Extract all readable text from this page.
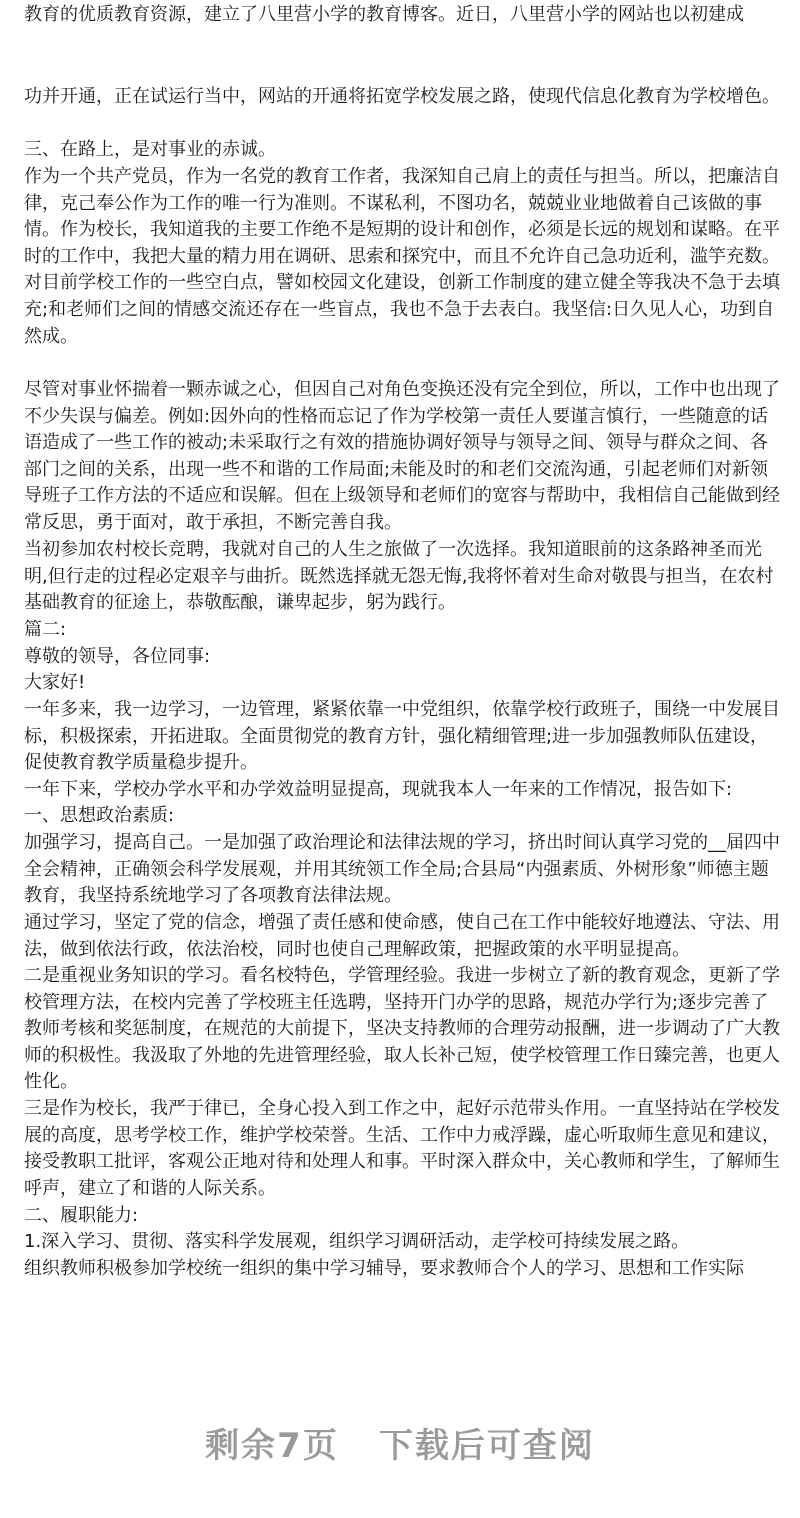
教育的优质教育资源，建立了八里营小学的教育博客。近日，八里营小学的网站也以初建成

功并开通，正在试运行当中，网站的开通将拓宽学校发展之路，使现代信息化教育为学校增色。

三、在路上，是对事业的赤诚。

作为一个共产党员，作为一名党的教育工作者，我深知自己肩上的责任与担当。所以，把廉洁自律，克己奉公作为工作的唯一行为准则。不谋私利，不图功名，兢兢业业地做着自己该做的事情。作为校长，我知道我的主要工作绝不是短期的设计和创作，必须是长远的规划和谋略。在平时的工作中，我把大量的精力用在调研、思索和探究中，而且不允许自己急功近利，滥竽充数。对目前学校工作的一些空白点，譬如校园文化建设，创新工作制度的建立健全等我决不急于去填充;和老师们之间的情感交流还存在一些盲点，我也不急于去表白。我坚信:日久见人心，功到自然成。

尽管对事业怀揣着一颗赤诚之心，但因自己对角色变换还没有完全到位，所以，工作中也出现了不少失误与偏差。例如:因外向的性格而忘记了作为学校第一责任人要谨言慎行，一些随意的话语造成了一些工作的被动;未采取行之有效的措施协调好领导与领导之间、领导与群众之间、各部门之间的关系，出现一些不和谐的工作局面;未能及时的和老们交流沟通，引起老师们对新领导班子工作方法的不适应和误解。但在上级领导和老师们的宽容与帮助中，我相信自己能做到经常反思，勇于面对，敢于承担，不断完善自我。

当初参加农村校长竞聘，我就对自己的人生之旅做了一次选择。我知道眼前的这条路神圣而光明,但行走的过程必定艰辛与曲折。既然选择就无怨无悔,我将怀着对生命对敬畏与担当，在农村基础教育的征途上，恭敬酝酿，谦卑起步，躬为践行。

篇二:

尊敬的领导，各位同事:

大家好!

一年多来，我一边学习，一边管理，紧紧依靠一中党组织，依靠学校行政班子，围绕一中发展目标，积极探索，开拓进取。全面贯彻党的教育方针，强化精细管理;进一步加强教师队伍建设，促使教育教学质量稳步提升。

一年下来，学校办学水平和办学效益明显提高，现就我本人一年来的工作情况，报告如下:

一、思想政治素质:

加强学习，提高自己。一是加强了政治理论和法律法规的学习，挤出时间认真学习党的__届四中全会精神，正确领会科学发展观，并用其统领工作全局;合县局“内强素质、外树形象”师德主题教育，我坚持系统地学习了各项教育法律法规。

通过学习，坚定了党的信念，增强了责任感和使命感，使自己在工作中能较好地遵法、守法、用法，做到依法行政，依法治校，同时也使自己理解政策，把握政策的水平明显提高。

二是重视业务知识的学习。看名校特色，学管理经验。我进一步树立了新的教育观念，更新了学校管理方法，在校内完善了学校班主任选聘，坚持开门办学的思路，规范办学行为;逐步完善了教师考核和奖惩制度，在规范的大前提下，坚决支持教师的合理劳动报酬，进一步调动了广大教师的积极性。我汲取了外地的先进管理经验，取人长补己短，使学校管理工作日臻完善，也更人性化。

三是作为校长，我严于律已，全身心投入到工作之中，起好示范带头作用。一直坚持站在学校发展的高度，思考学校工作，维护学校荣誉。生活、工作中力戒浮躁，虚心听取师生意见和建议，接受教职工批评，客观公正地对待和处理人和事。平时深入群众中，关心教师和学生，了解师生呼声，建立了和谐的人际关系。

二、履职能力:

1.深入学习、贯彻、落实科学发展观，组织学习调研活动，走学校可持续发展之路。

组织教师积极参加学校统一组织的集中学习辅导，要求教师合个人的学习、思想和工作实际

剩余7页 下载后可查阅
